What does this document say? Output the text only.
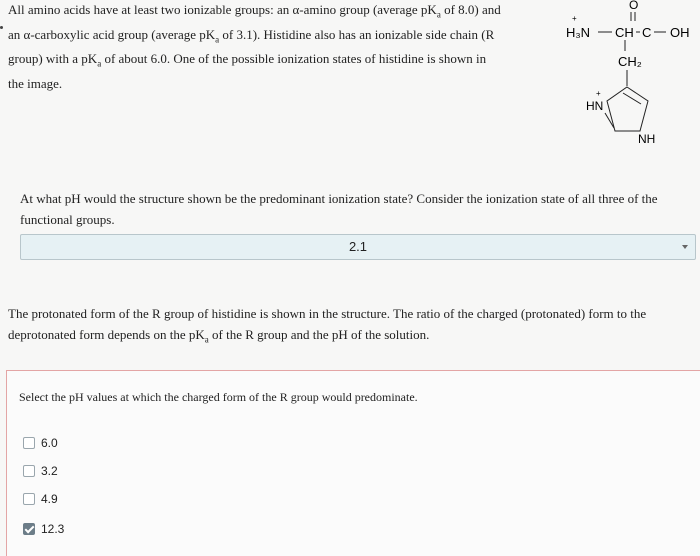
All amino acids have at least two ionizable groups: an α-amino group (average $pK_a$ of 8.0) and
an α-carboxylic acid group (average $pK_a$ of 3.1). Histidine also has an ionizable side chain (R
group) with a $pK_a$ of about 6.0. One of the possible ionization states of histidine is shown in
the image.
O
+
H₃N CH C OH
CH₂
+
HN
NH
At what pH would the structure shown be the predominant ionization state? Consider the ionization state of all three of the functional groups.
2.1
The protonated form of the R group of histidine is shown in the structure. The ratio of the charged (protonated) form to the deprotonated form depends on the $pK_a$ of the R group and the pH of the solution.
Select the pH values at which the charged form of the R group would predominate.
6.0
3.2
4.9
12.3
